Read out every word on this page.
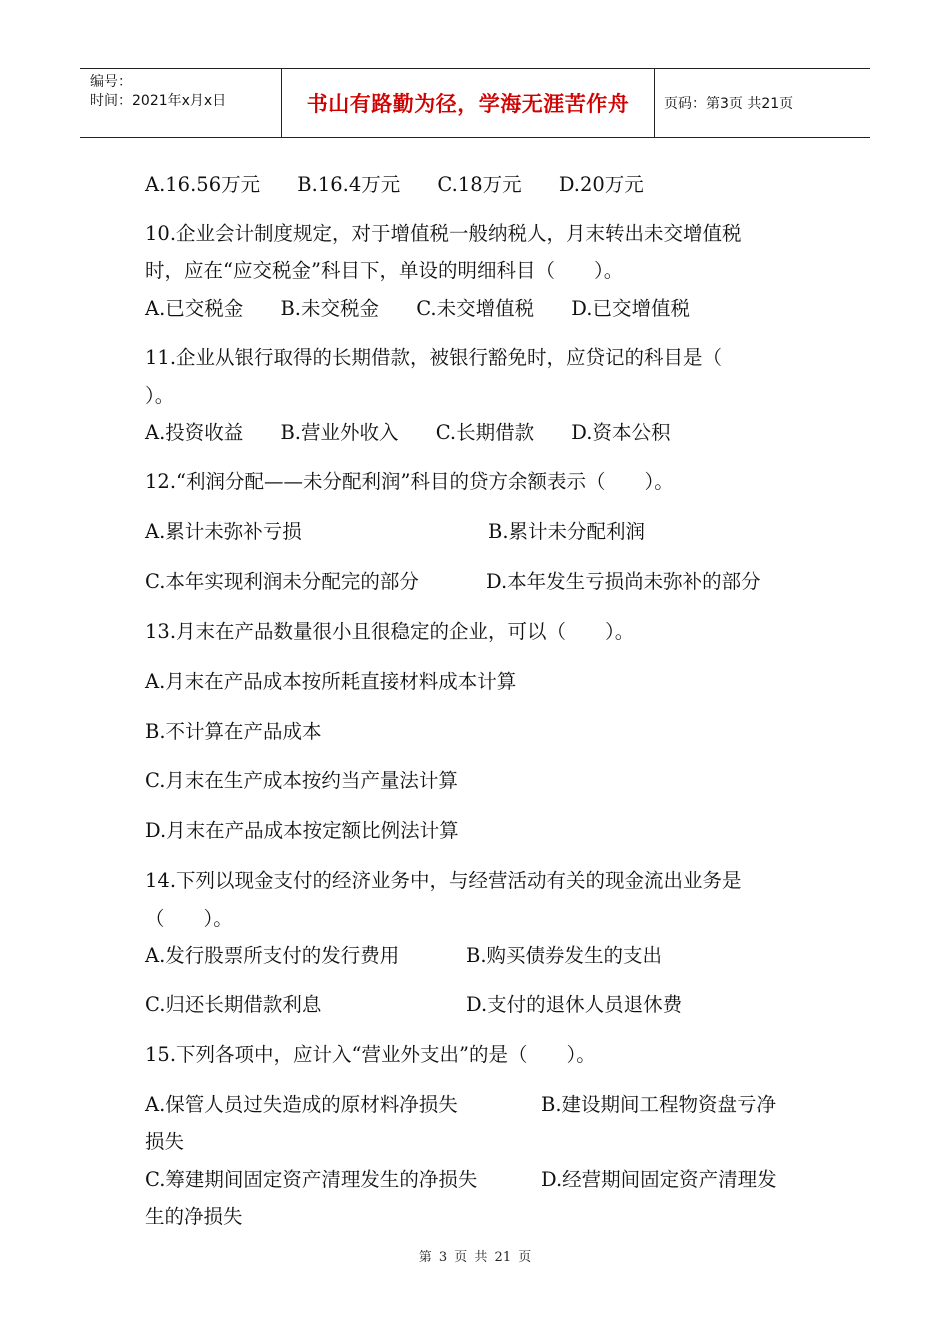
编号：
时间：2021年x月x日	书山有路勤为径，学海无涯苦作舟	页码：第3页 共21页
A.16.56万元      B.16.4万元      C.18万元      D.20万元
10.企业会计制度规定，对于增值税一般纳税人，月末转出未交增值税
时，应在“应交税金”科目下，单设的明细科目（　　）。
A.已交税金      B.未交税金      C.未交增值税      D.已交增值税
11.企业从银行取得的长期借款，被银行豁免时，应贷记的科目是（
）。
A.投资收益      B.营业外收入      C.长期借款      D.资本公积
12.“利润分配——未分配利润”科目的贷方余额表示（　　）。
A.累计未弥补亏损	B.累计未分配利润
C.本年实现利润未分配完的部分	D.本年发生亏损尚未弥补的部分
13.月末在产品数量很小且很稳定的企业，可以（　　）。
A.月末在产品成本按所耗直接材料成本计算
B.不计算在产品成本
C.月末在生产成本按约当产量法计算
D.月末在产品成本按定额比例法计算
14.下列以现金支付的经济业务中，与经营活动有关的现金流出业务是
（　　）。
A.发行股票所支付的发行费用	B.购买债券发生的支出
C.归还长期借款利息	D.支付的退休人员退休费
15.下列各项中，应计入“营业外支出”的是（　　）。
A.保管人员过失造成的原材料净损失	B.建设期间工程物资盘亏净
损失
C.筹建期间固定资产清理发生的净损失	D.经营期间固定资产清理发
生的净损失
第 3 页 共 21 页
